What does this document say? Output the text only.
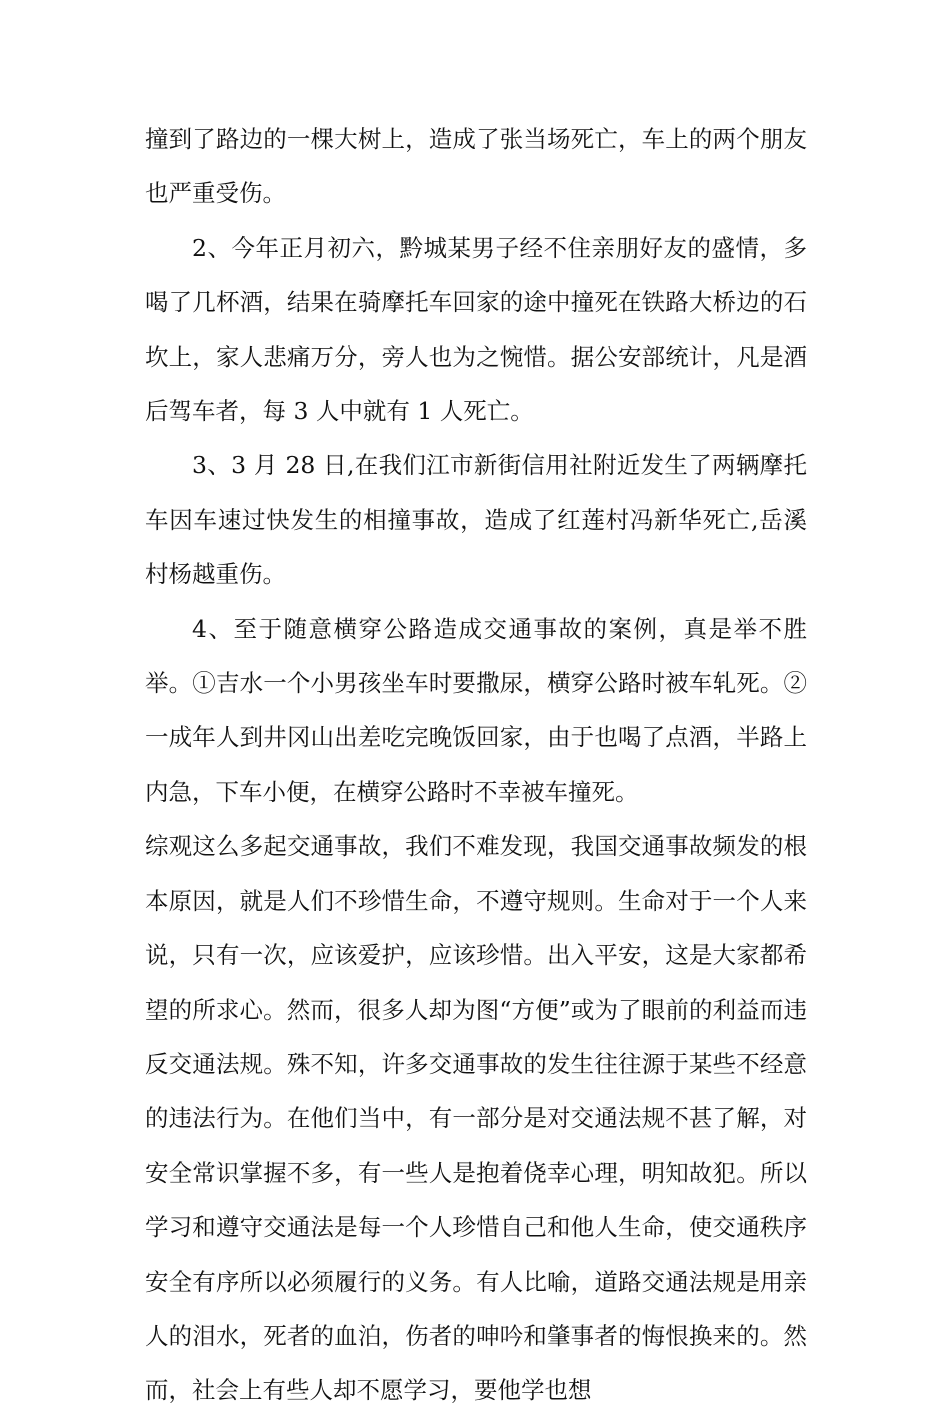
撞到了路边的一棵大树上，造成了张当场死亡，车上的两个朋友也严重受伤。

2、今年正月初六，黔城某男子经不住亲朋好友的盛情，多喝了几杯酒，结果在骑摩托车回家的途中撞死在铁路大桥边的石坎上，家人悲痛万分，旁人也为之惋惜。据公安部统计，凡是酒后驾车者，每 3 人中就有 1 人死亡。

3、3 月 28 日,在我们江市新街信用社附近发生了两辆摩托车因车速过快发生的相撞事故，造成了红莲村冯新华死亡,岳溪村杨越重伤。

4、至于随意横穿公路造成交通事故的案例，真是举不胜举。①吉水一个小男孩坐车时要撒尿，横穿公路时被车轧死。②一成年人到井冈山出差吃完晚饭回家，由于也喝了点酒，半路上内急，下车小便，在横穿公路时不幸被车撞死。

综观这么多起交通事故，我们不难发现，我国交通事故频发的根本原因，就是人们不珍惜生命，不遵守规则。生命对于一个人来说，只有一次，应该爱护，应该珍惜。出入平安，这是大家都希望的所求心。然而，很多人却为图“方便”或为了眼前的利益而违反交通法规。殊不知，许多交通事故的发生往往源于某些不经意的违法行为。在他们当中，有一部分是对交通法规不甚了解，对安全常识掌握不多，有一些人是抱着侥幸心理，明知故犯。所以学习和遵守交通法是每一个人珍惜自己和他人生命，使交通秩序安全有序所以必须履行的义务。有人比喻，道路交通法规是用亲人的泪水，死者的血泊，伤者的呻吟和肇事者的悔恨换来的。然而，社会上有些人却不愿学习，要他学也想
